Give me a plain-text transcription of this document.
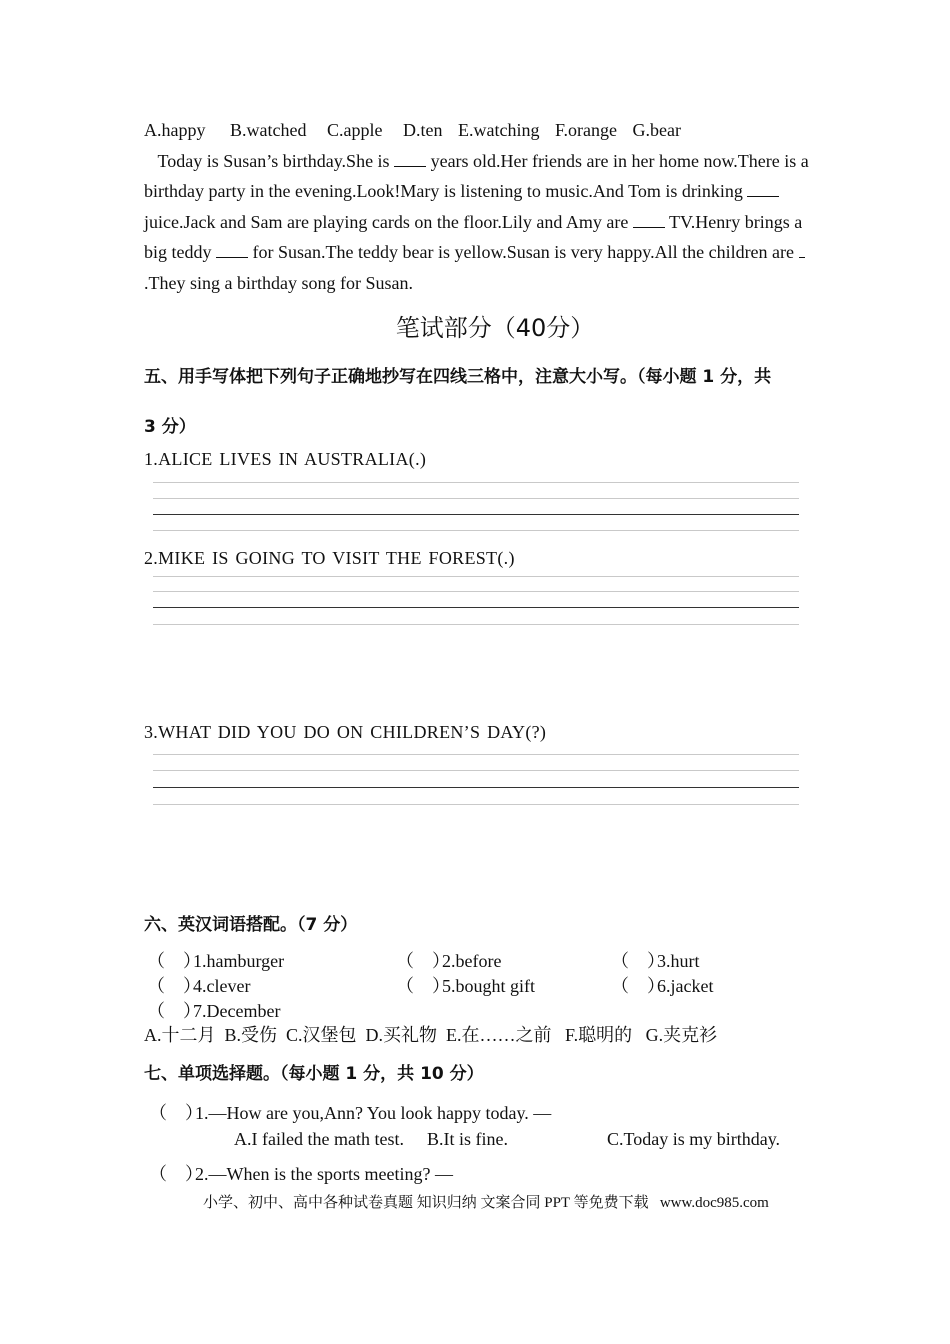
A.happy B.watched C.apple D.ten E.watching F.orange G.bear
Today is Susan’s birthday.She is years old.Her friends are in her home now.There is a
birthday party in the evening.Look!Mary is listening to music.And Tom is drinking
juice.Jack and Sam are playing cards on the floor.Lily and Amy are TV.Henry brings a
big teddy for Susan.The teddy bear is yellow.Susan is very happy.All the children are
.They sing a birthday song for Susan.
笔试部分（40分）
五、用手写体把下列句子正确地抄写在四线三格中，注意大小写。（每小题 1 分，共
3 分）
1.ALICE LIVES IN AUSTRALIA(.)
2.MIKE IS GOING TO VISIT THE FOREST(.)
3.WHAT DID YOU DO ON CHILDREN’S DAY(?)
六、英汉词语搭配。（7 分）
（　）1.hamburger	（　）2.before	（　）3.hurt
（　）4.clever	（　）5.bought gift	（　）6.jacket
（　）7.December
A.十二月  B.受伤  C.汉堡包  D.买礼物  E.在……之前   F.聪明的   G.夹克衫
七、单项选择题。（每小题 1 分，共 10 分）
（　）1.—How are you,Ann? You look happy today. —
A.I failed the math test. B.It is fine.	C.Today is my birthday.
（　）2.—When is the sports meeting? —
小学、初中、高中各种试卷真题 知识归纳 文案合同 PPT 等免费下载   www.doc985.com
